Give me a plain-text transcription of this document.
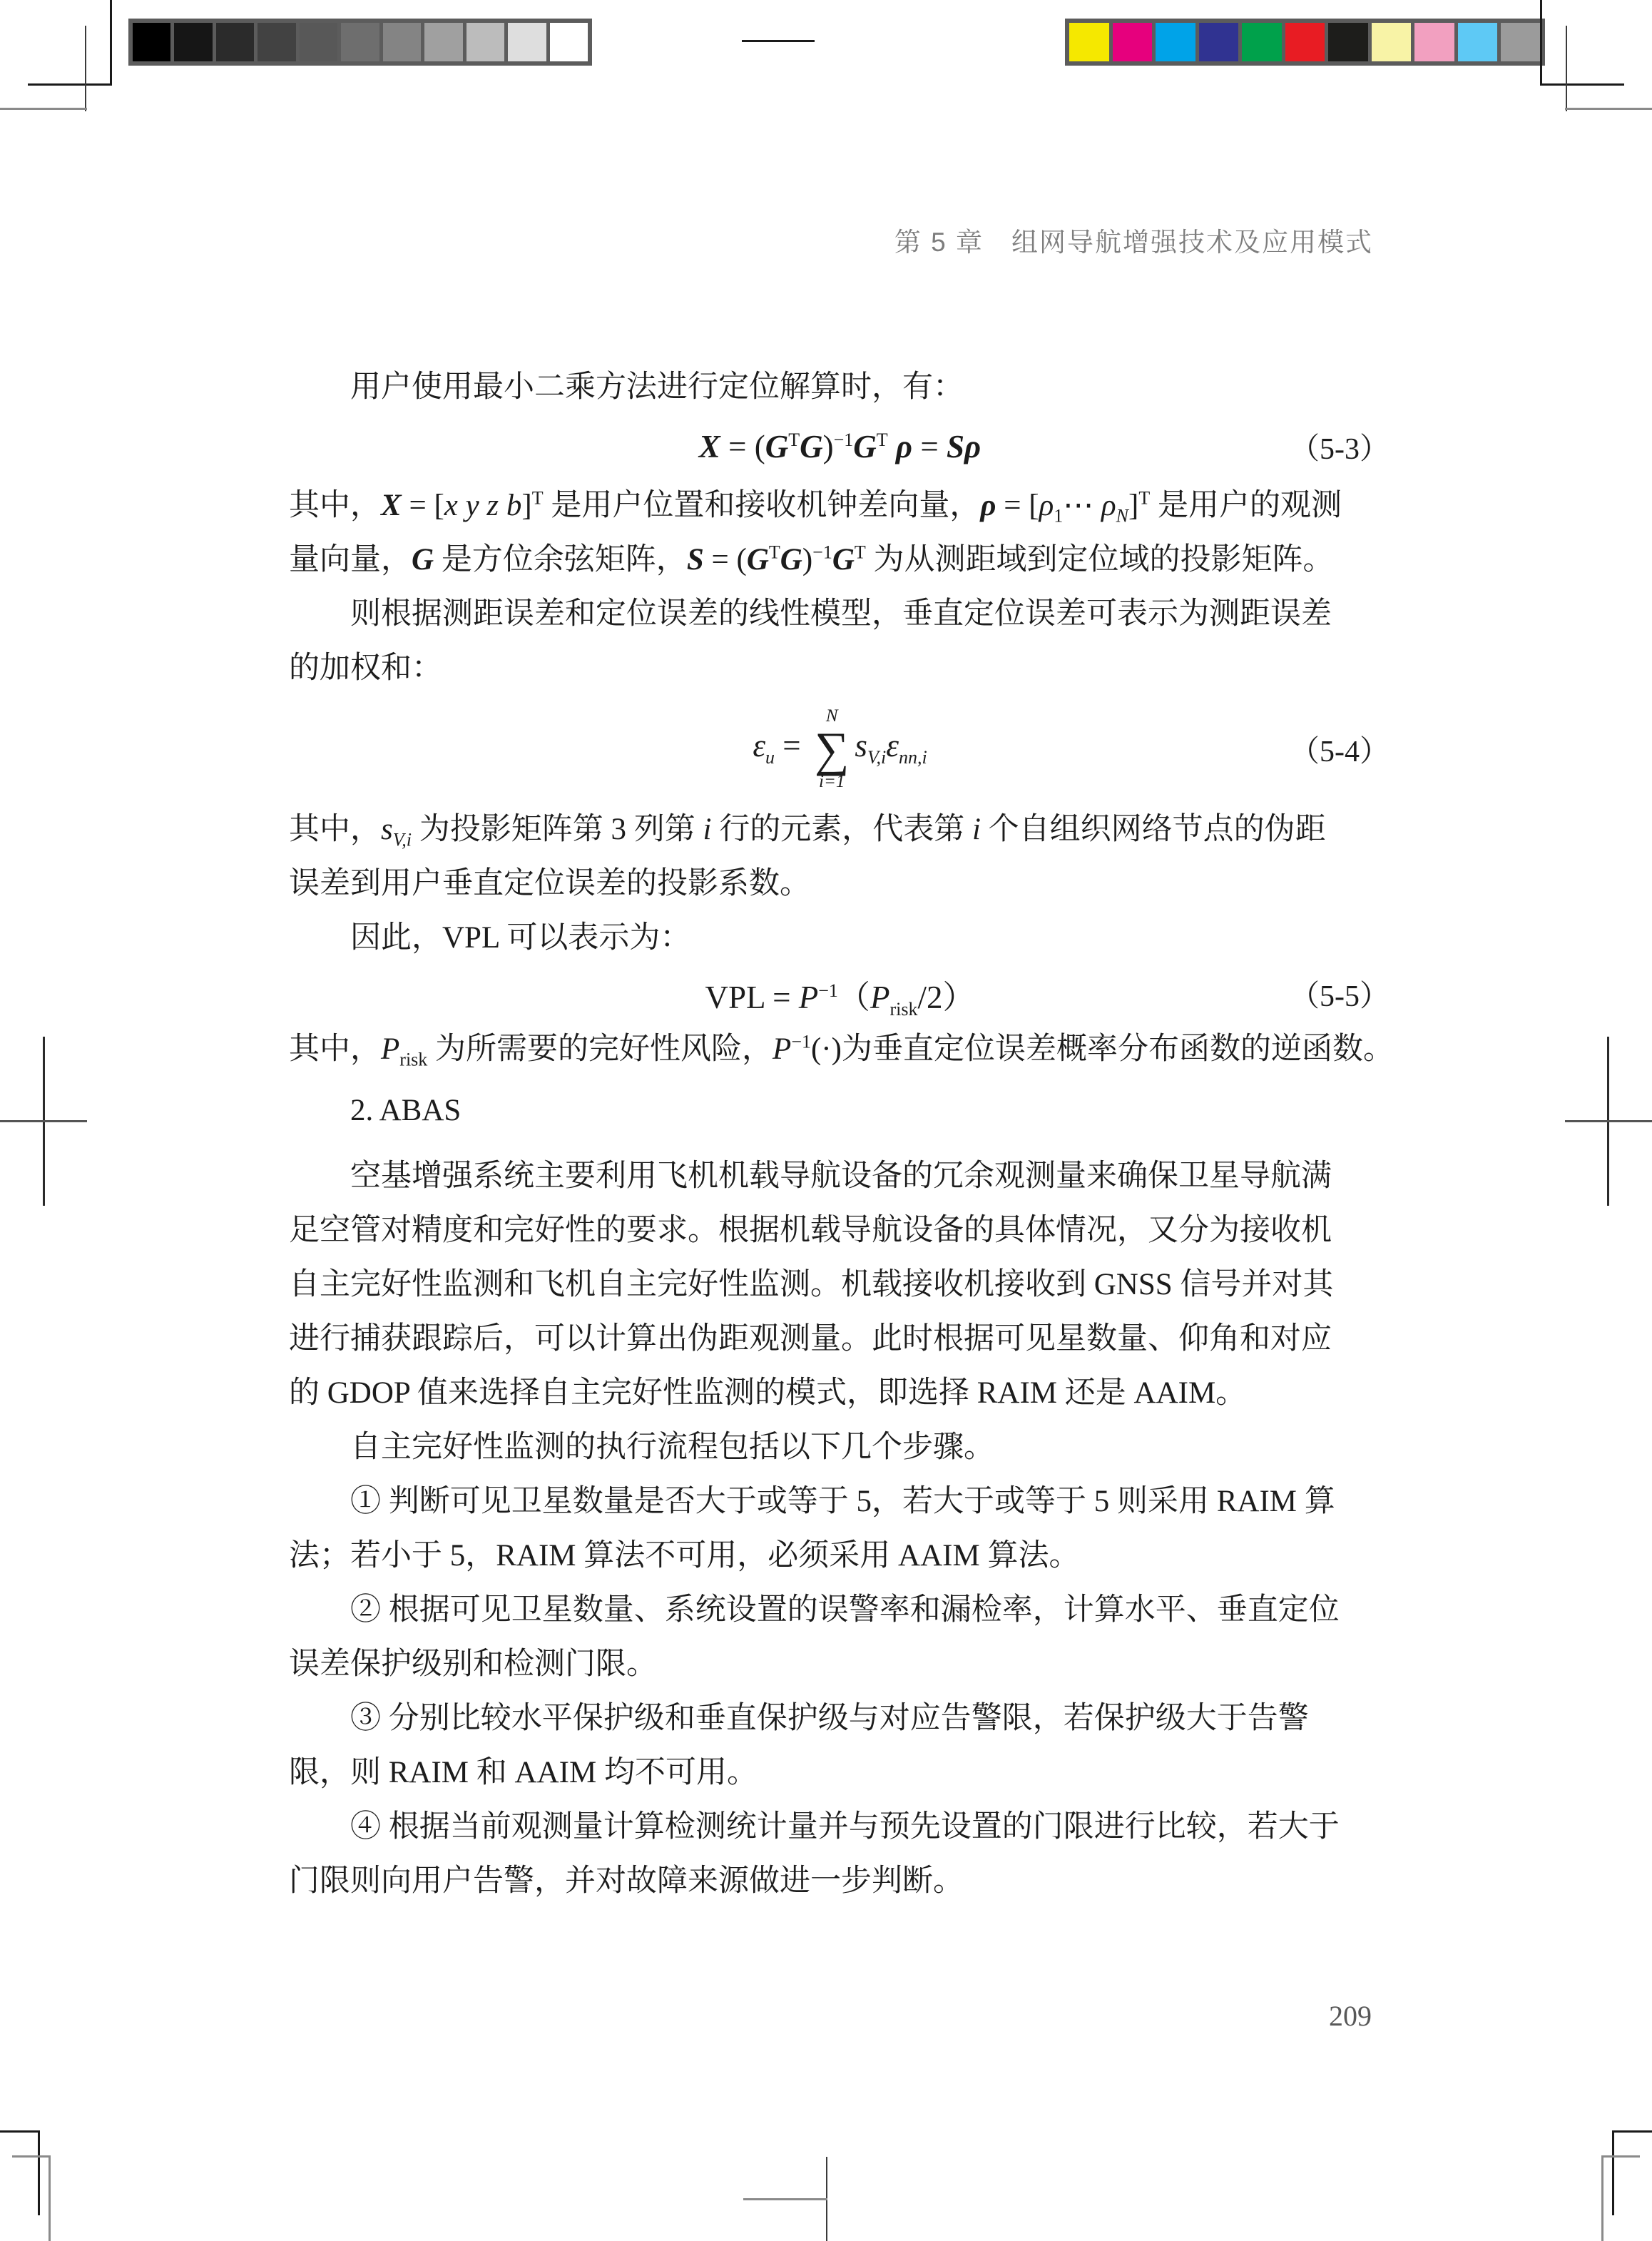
第 5 章　组网导航增强技术及应用模式
用户使用最小二乘方法进行定位解算时，有：
$X = (G^TG)^{-1}G^T$ ρ = Sρ	（5-3）
其中，X = [x y z b]$^T$ 是用户位置和接收机钟差向量，$\rho = [\rho_1\cdots$ $\rho_N]^T$ 是用户的观测
量向量，G 是方位余弦矩阵，$S = (G^TG)^{-1}G^T$ 为从测距域到定位域的投影矩阵。
则根据测距误差和定位误差的线性模型，垂直定位误差可表示为测距误差
的加权和：
$\varepsilon_u$ =
N
∑
i=1
$s_{V,i}\varepsilon_{nn,i}$	（5-4）
其中，$s_{V,i}$ 为投影矩阵第 3 列第 i 行的元素，代表第 i 个自组织网络节点的伪距
误差到用户垂直定位误差的投影系数。
因此，VPL 可以表示为：
VPL = $P^{-1}(P_{risk}/2)$	（5-5）
其中，$P_{risk}$ 为所需要的完好性风险，$P^{-1}(\cdot)$为垂直定位误差概率分布函数的逆函数。
2. ABAS
空基增强系统主要利用飞机机载导航设备的冗余观测量来确保卫星导航满
足空管对精度和完好性的要求。根据机载导航设备的具体情况，又分为接收机
自主完好性监测和飞机自主完好性监测。机载接收机接收到 GNSS 信号并对其
进行捕获跟踪后，可以计算出伪距观测量。此时根据可见星数量、仰角和对应
的 GDOP 值来选择自主完好性监测的模式，即选择 RAIM 还是 AAIM。
自主完好性监测的执行流程包括以下几个步骤。
① 判断可见卫星数量是否大于或等于 5，若大于或等于 5 则采用 RAIM 算
法；若小于 5，RAIM 算法不可用，必须采用 AAIM 算法。
② 根据可见卫星数量、系统设置的误警率和漏检率，计算水平、垂直定位
误差保护级别和检测门限。
③ 分别比较水平保护级和垂直保护级与对应告警限，若保护级大于告警
限，则 RAIM 和 AAIM 均不可用。
④ 根据当前观测量计算检测统计量并与预先设置的门限进行比较，若大于
门限则向用户告警，并对故障来源做进一步判断。
209
